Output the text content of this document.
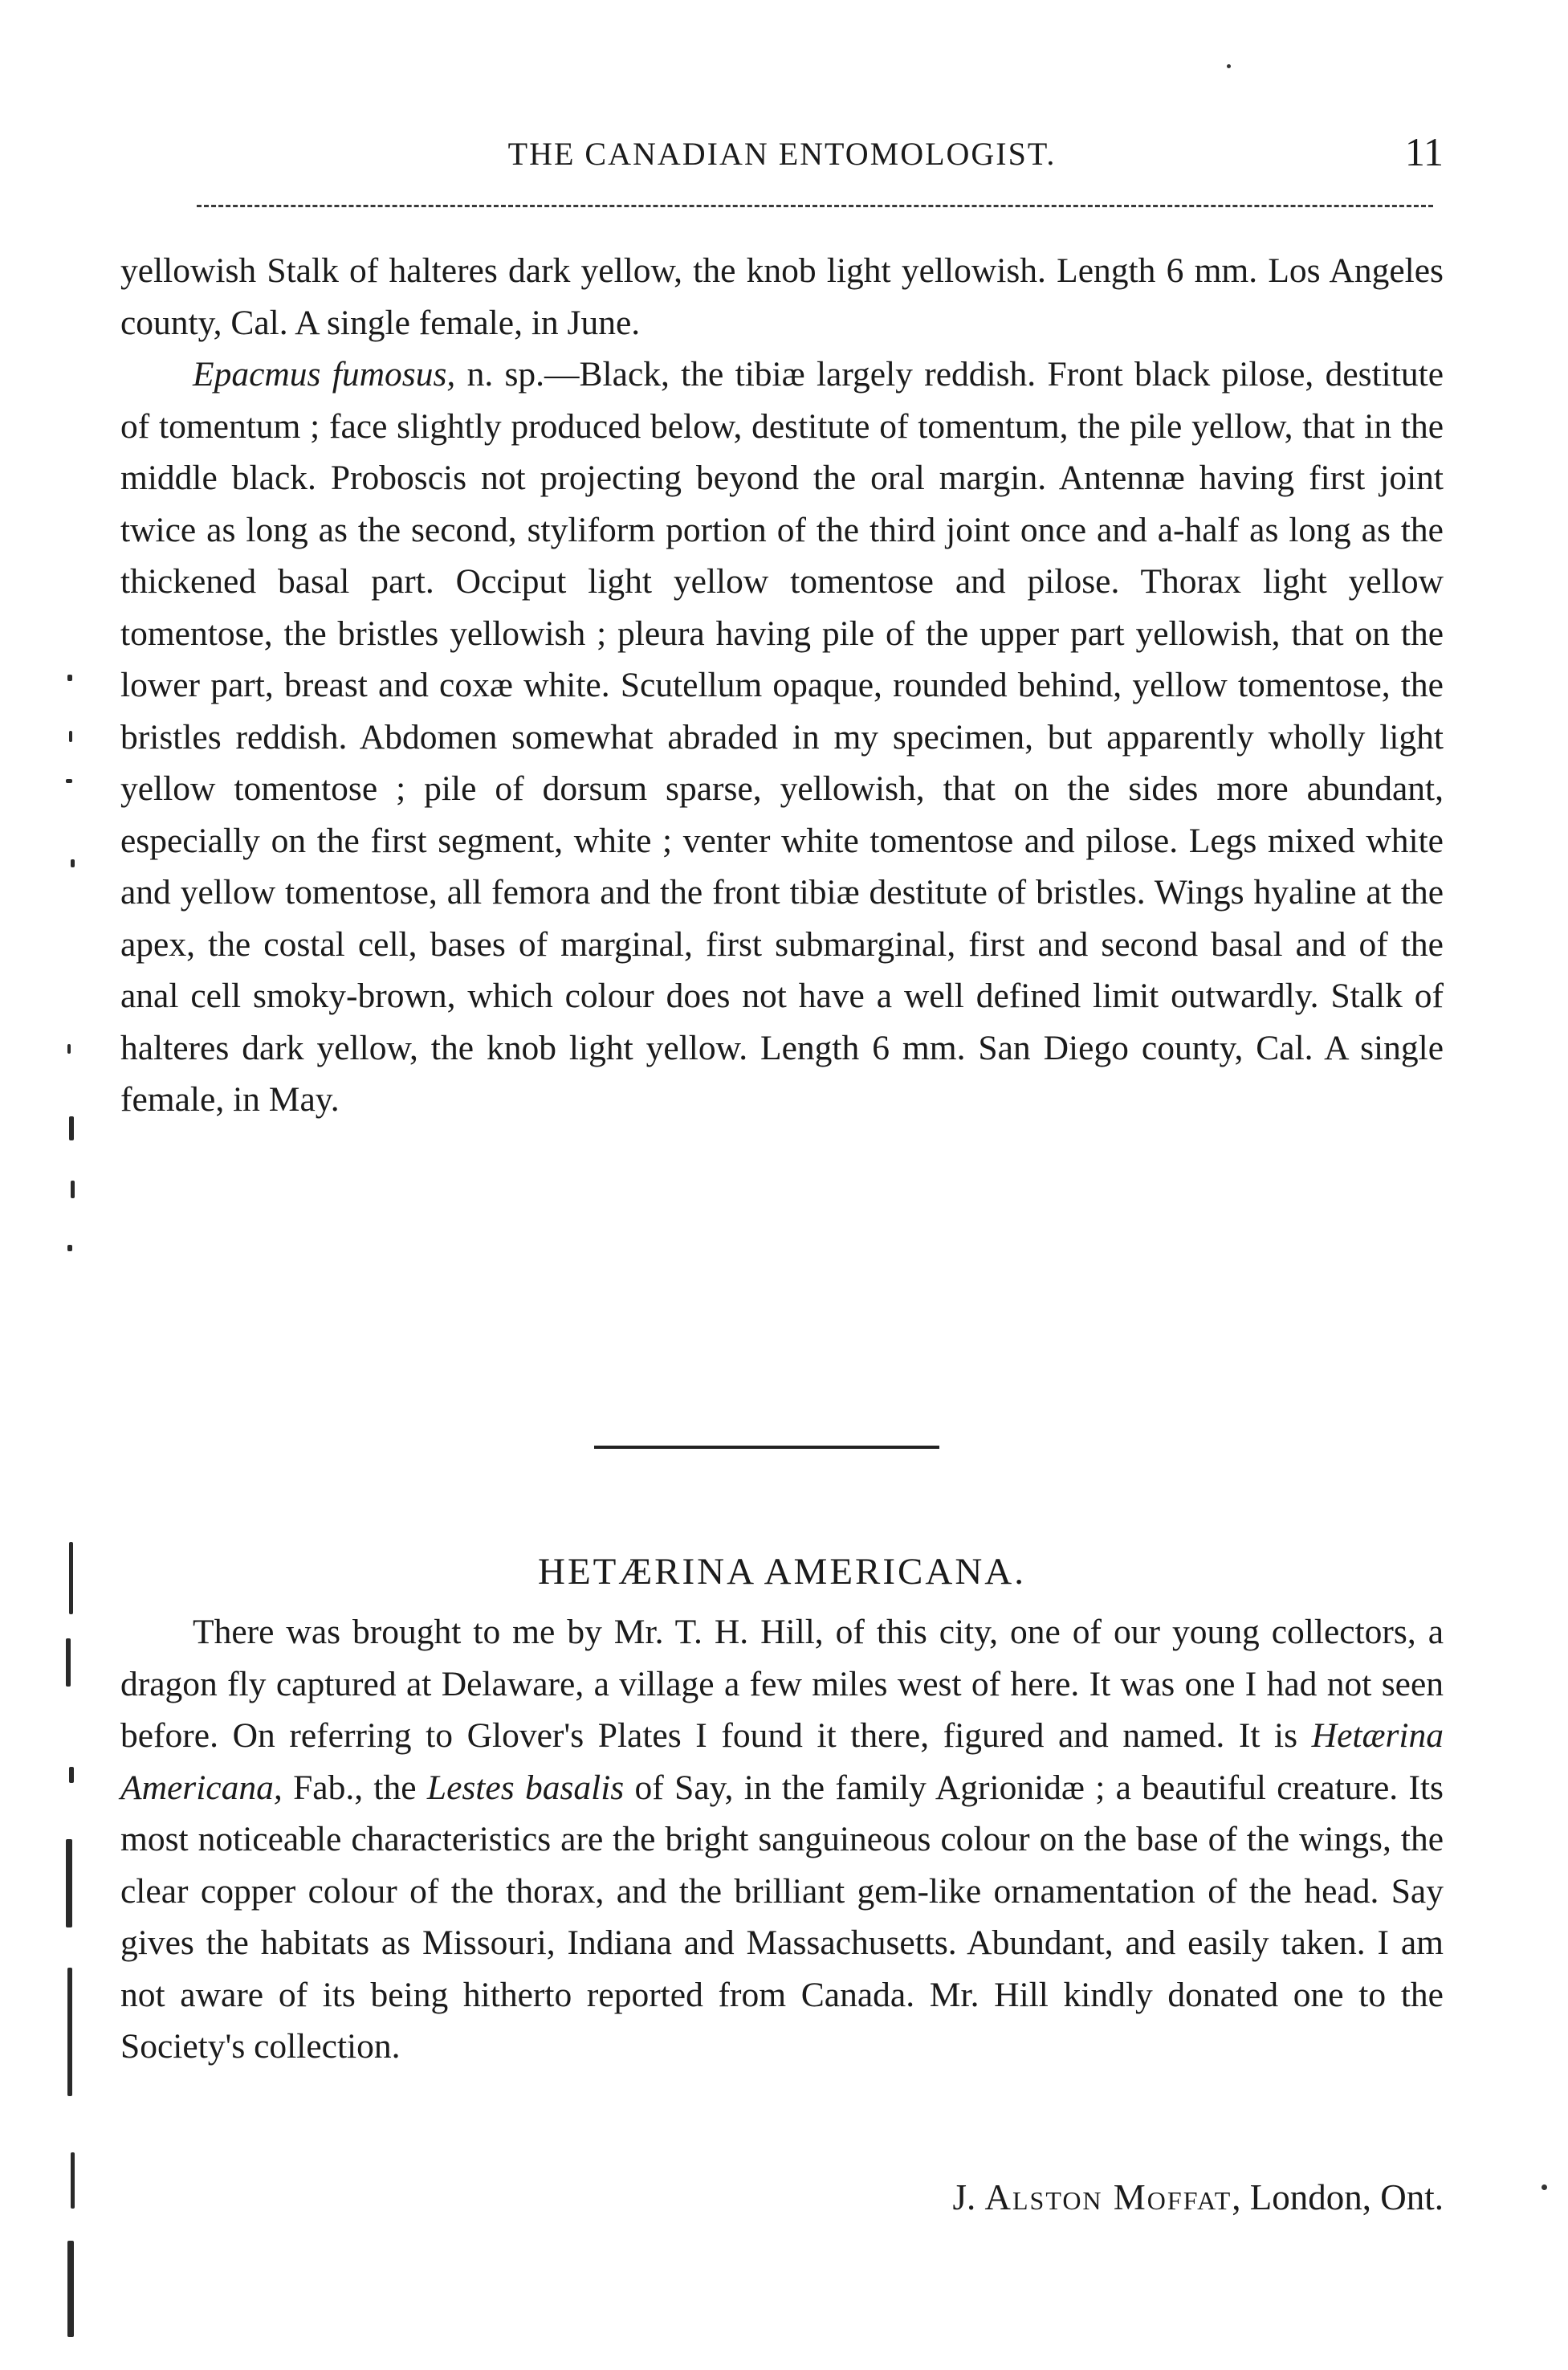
THE CANADIAN ENTOMOLOGIST.	11

yellowish Stalk of halteres dark yellow, the knob light yellowish. Length 6 mm. Los Angeles county, Cal. A single female, in June.

Epacmus fumosus, n. sp.—Black, the tibiæ largely reddish. Front black pilose, destitute of tomentum ; face slightly produced below, destitute of tomentum, the pile yellow, that in the middle black. Proboscis not projecting beyond the oral margin. Antennæ having first joint twice as long as the second, styliform portion of the third joint once and a-half as long as the thickened basal part. Occiput light yellow tomentose and pilose. Thorax light yellow tomentose, the bristles yellowish ; pleura having pile of the upper part yellowish, that on the lower part, breast and coxæ white. Scutellum opaque, rounded behind, yellow tomentose, the bristles reddish. Abdomen somewhat abraded in my specimen, but apparently wholly light yellow tomentose ; pile of dorsum sparse, yellowish, that on the sides more abundant, especially on the first segment, white ; venter white tomentose and pilose. Legs mixed white and yellow tomentose, all femora and the front tibiæ destitute of bristles. Wings hyaline at the apex, the costal cell, bases of marginal, first submarginal, first and second basal and of the anal cell smoky-brown, which colour does not have a well defined limit outwardly. Stalk of halteres dark yellow, the knob light yellow. Length 6 mm. San Diego county, Cal. A single female, in May.

HETÆRINA AMERICANA.

There was brought to me by Mr. T. H. Hill, of this city, one of our young collectors, a dragon fly captured at Delaware, a village a few miles west of here. It was one I had not seen before. On referring to Glover's Plates I found it there, figured and named. It is Hetærina Americana, Fab., the Lestes basalis of Say, in the family Agrionidæ ; a beautiful creature. Its most noticeable characteristics are the bright sanguineous colour on the base of the wings, the clear copper colour of the thorax, and the brilliant gem-like ornamentation of the head. Say gives the habitats as Missouri, Indiana and Massachusetts. Abundant, and easily taken. I am not aware of its being hitherto reported from Canada. Mr. Hill kindly donated one to the Society's collection.

J. Alston Moffat, London, Ont.
